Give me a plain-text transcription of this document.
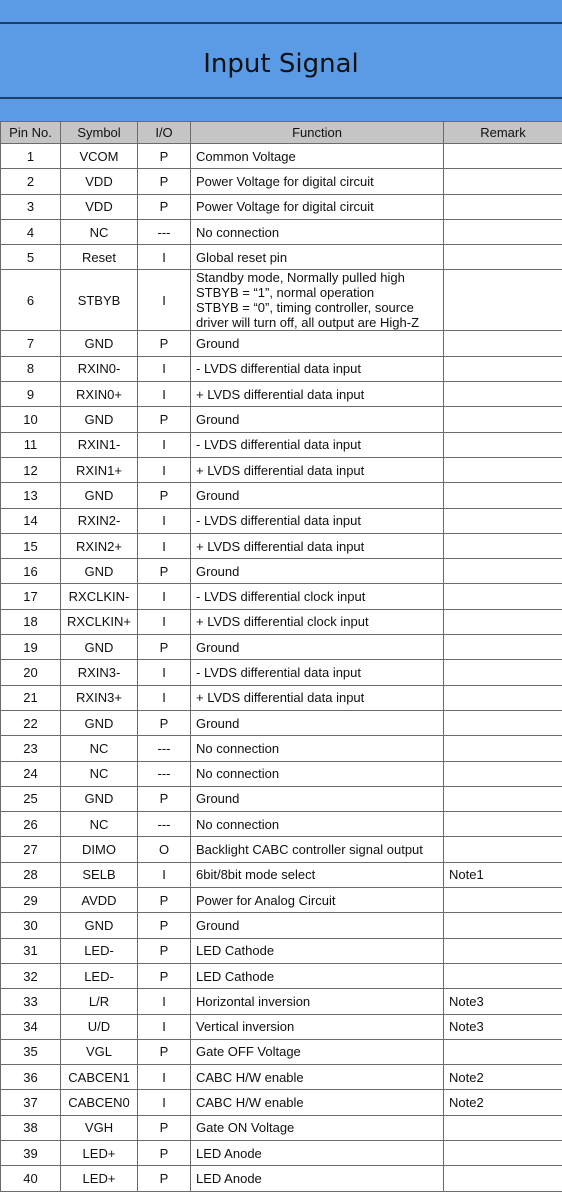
Input Signal
Pin No.	Symbol	I/O	Function	Remark
1	VCOM	P	Common Voltage	

2	VDD	P	Power Voltage for digital circuit	

3	VDD	P	Power Voltage for digital circuit	

4	NC	---	No connection	

5	Reset	I	Global reset pin	

6	STBYB	I	Standby mode, Normally pulled high
STBYB = “1”, normal operation
STBYB = “0”, timing controller, source
driver will turn off, all output are High-Z	

7	GND	P	Ground	

8	RXIN0-	I	- LVDS differential data input	

9	RXIN0+	I	+ LVDS differential data input	

10	GND	P	Ground	

11	RXIN1-	I	- LVDS differential data input	

12	RXIN1+	I	+ LVDS differential data input	

13	GND	P	Ground	

14	RXIN2-	I	- LVDS differential data input	

15	RXIN2+	I	+ LVDS differential data input	

16	GND	P	Ground	

17	RXCLKIN-	I	- LVDS differential clock input	

18	RXCLKIN+	I	+ LVDS differential clock input	

19	GND	P	Ground	

20	RXIN3-	I	- LVDS differential data input	

21	RXIN3+	I	+ LVDS differential data input	

22	GND	P	Ground	

23	NC	---	No connection	

24	NC	---	No connection	

25	GND	P	Ground	

26	NC	---	No connection	

27	DIMO	O	Backlight CABC controller signal output	

28	SELB	I	6bit/8bit mode select	Note1
29	AVDD	P	Power for Analog Circuit	

30	GND	P	Ground	

31	LED-	P	LED Cathode	

32	LED-	P	LED Cathode	

33	L/R	I	Horizontal inversion	Note3
34	U/D	I	Vertical inversion	Note3
35	VGL	P	Gate OFF Voltage	

36	CABCEN1	I	CABC H/W enable	Note2
37	CABCEN0	I	CABC H/W enable	Note2
38	VGH	P	Gate ON Voltage	

39	LED+	P	LED Anode	

40	LED+	P	LED Anode	
